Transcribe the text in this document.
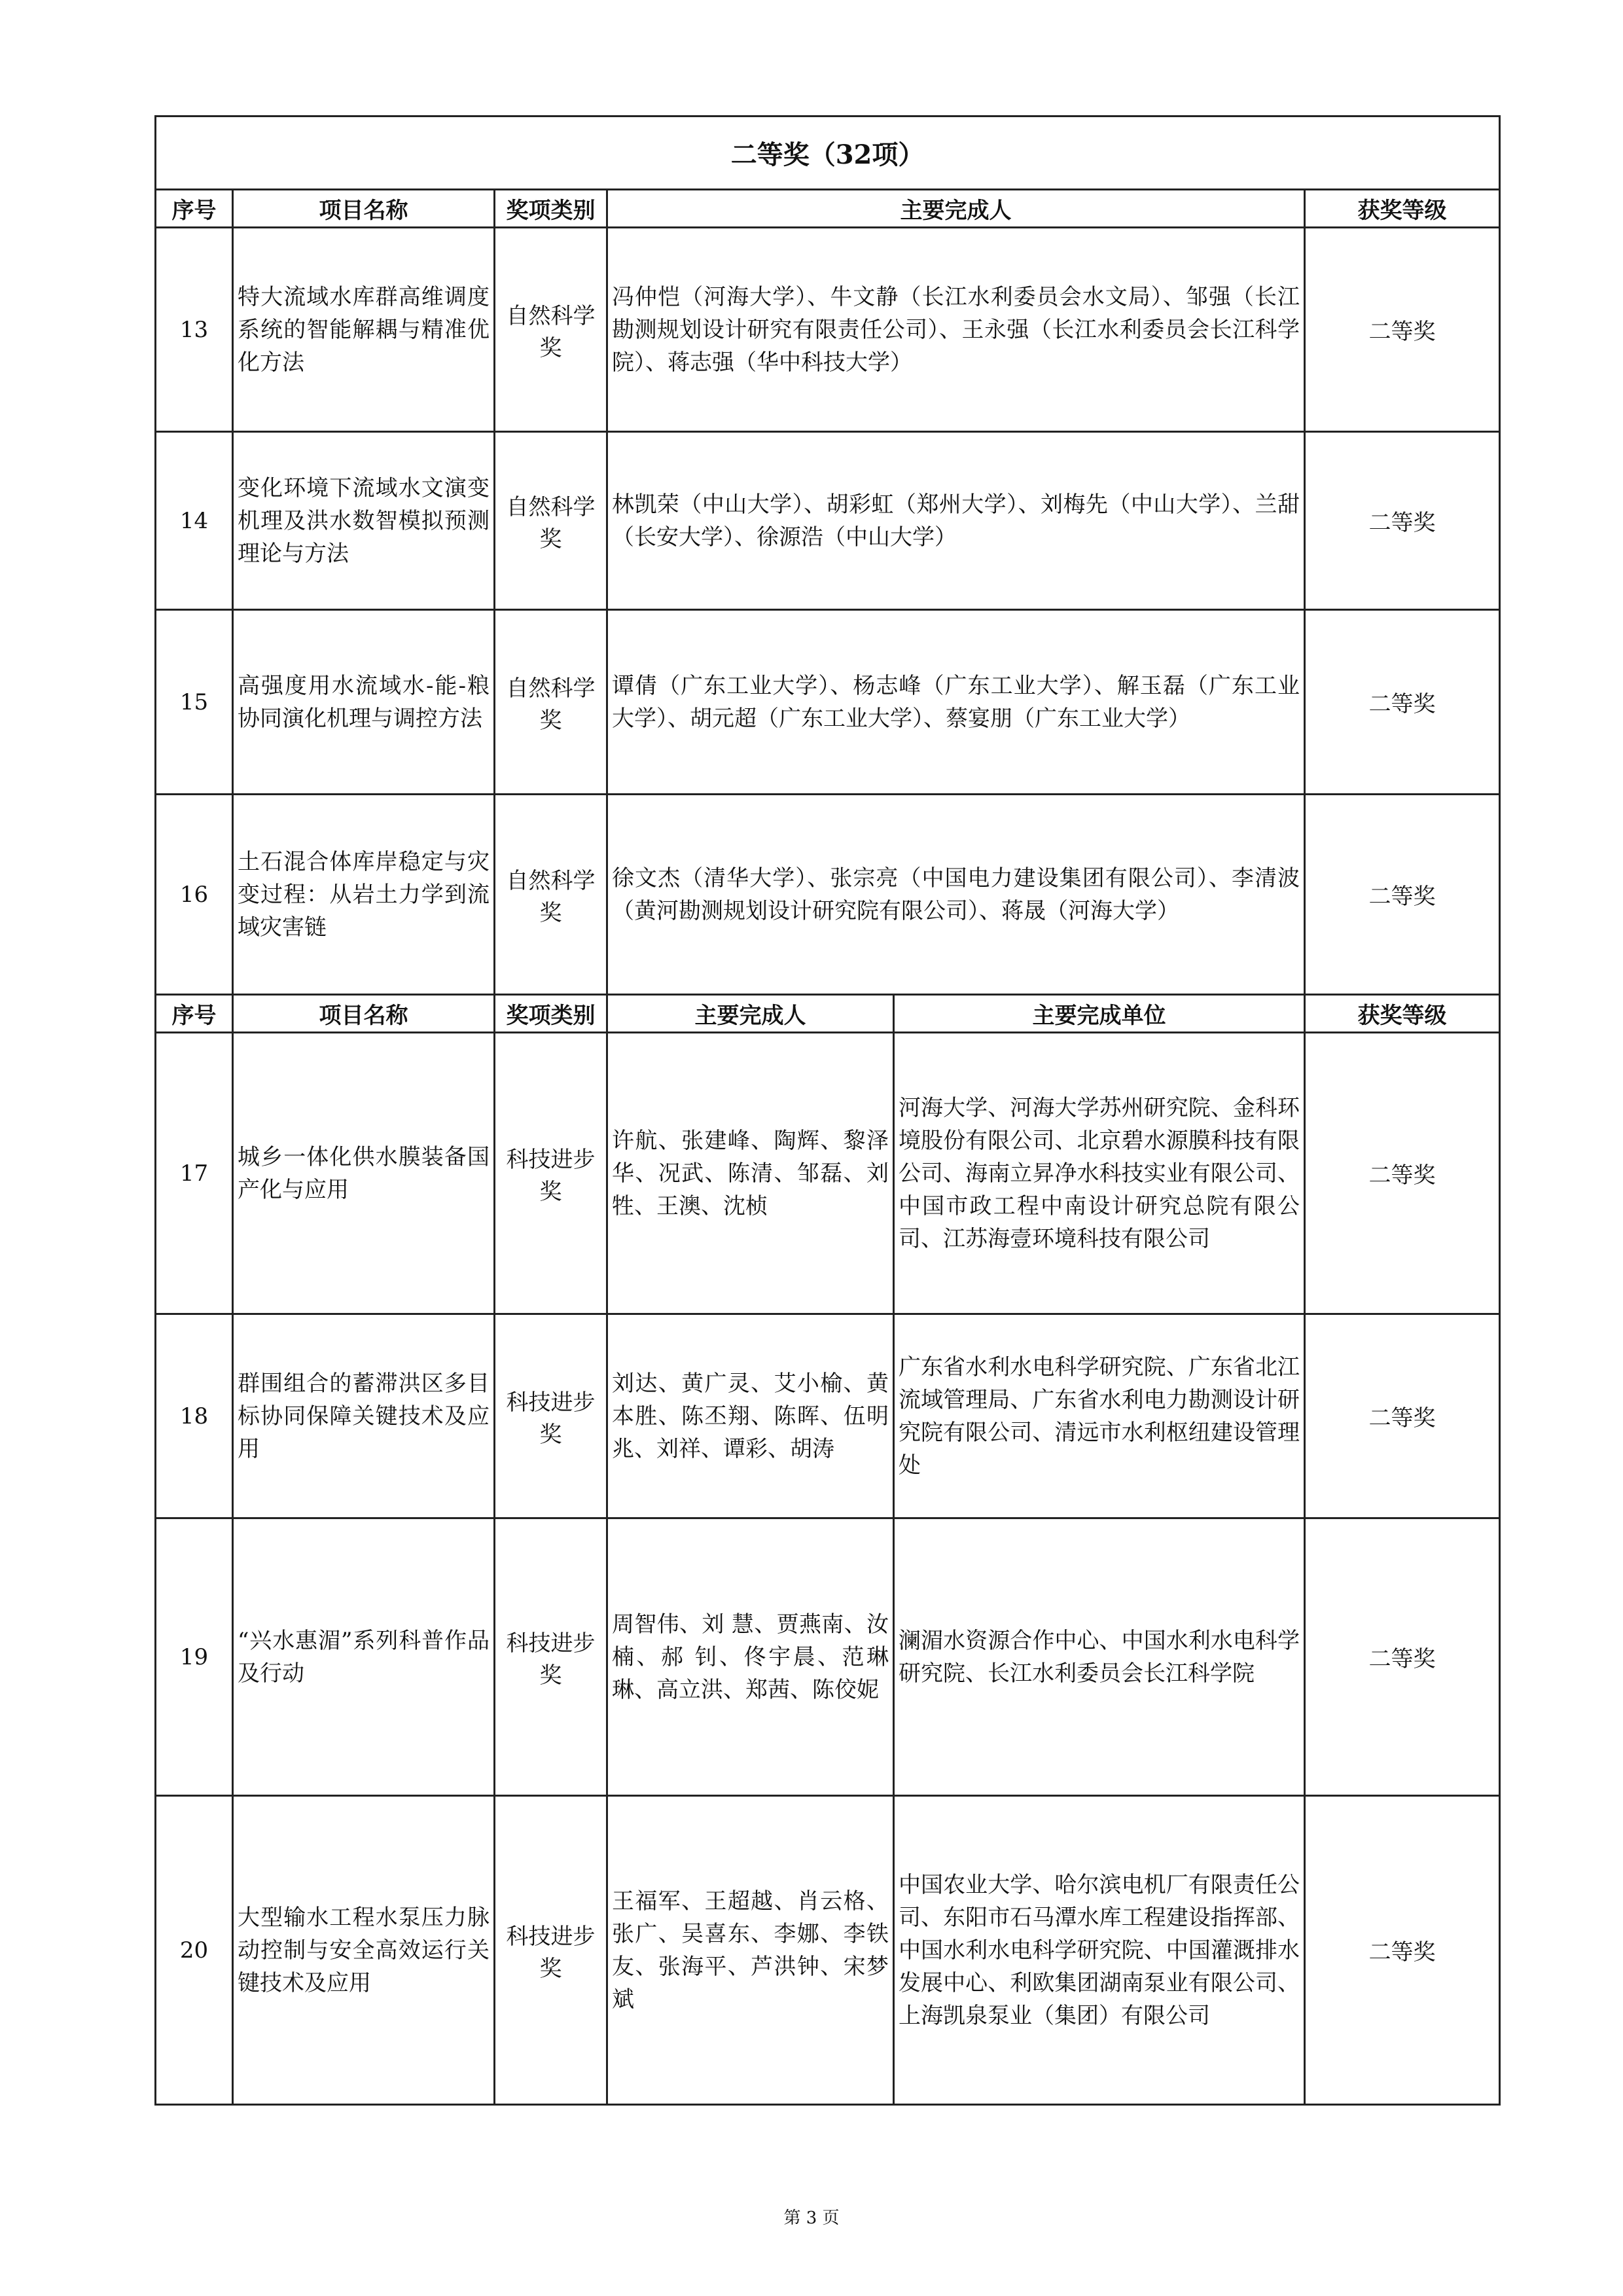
二等奖（32项）					
序号	项目名称	奖项类别	主要完成人		获奖等级
13	特大流域水库群高维调度系统的智能解耦与精准优化方法	自然科学奖	冯仲恺（河海大学）、牛文静（长江水利委员会水文局）、邹强（长江勘测规划设计研究有限责任公司）、王永强（长江水利委员会长江科学院）、蒋志强（华中科技大学）		二等奖
14	变化环境下流域水文演变机理及洪水数智模拟预测理论与方法	自然科学奖	林凯荣（中山大学）、胡彩虹（郑州大学）、刘梅先（中山大学）、兰甜（长安大学）、徐源浩（中山大学）		二等奖
15	高强度用水流域水-能-粮协同演化机理与调控方法	自然科学奖	谭倩（广东工业大学）、杨志峰（广东工业大学）、解玉磊（广东工业大学）、胡元超（广东工业大学）、蔡宴朋（广东工业大学）		二等奖
16	土石混合体库岸稳定与灾变过程：从岩土力学到流域灾害链	自然科学奖	徐文杰（清华大学）、张宗亮（中国电力建设集团有限公司）、李清波（黄河勘测规划设计研究院有限公司）、蒋晟（河海大学）		二等奖
序号	项目名称	奖项类别	主要完成人	主要完成单位	获奖等级
17	城乡一体化供水膜装备国产化与应用	科技进步奖	许航、张建峰、陶辉、黎泽华、况武、陈清、邹磊、刘牲、王澳、沈桢	河海大学、河海大学苏州研究院、金科环境股份有限公司、北京碧水源膜科技有限公司、海南立昇净水科技实业有限公司、中国市政工程中南设计研究总院有限公司、江苏海壹环境科技有限公司	二等奖
18	群围组合的蓄滞洪区多目标协同保障关键技术及应用	科技进步奖	刘达、黄广灵、艾小榆、黄本胜、陈丕翔、陈晖、伍明兆、刘祥、谭彩、胡涛	广东省水利水电科学研究院、广东省北江流域管理局、广东省水利电力勘测设计研究院有限公司、清远市水利枢纽建设管理处	二等奖
19	“兴水惠湄”系列科普作品及行动	科技进步奖	周智伟、刘 慧、贾燕南、汝 楠、郝 钊、佟宇晨、范琳琳、高立洪、郑茜、陈佼妮	澜湄水资源合作中心、中国水利水电科学研究院、长江水利委员会长江科学院	二等奖
20	大型输水工程水泵压力脉动控制与安全高效运行关键技术及应用	科技进步奖	王福军、王超越、肖云格、张广、吴喜东、李娜、李铁友、张海平、芦洪钟、宋梦斌	中国农业大学、哈尔滨电机厂有限责任公司、东阳市石马潭水库工程建设指挥部、中国水利水电科学研究院、中国灌溉排水发展中心、利欧集团湖南泵业有限公司、上海凯泉泵业（集团）有限公司	二等奖
第 3 页
